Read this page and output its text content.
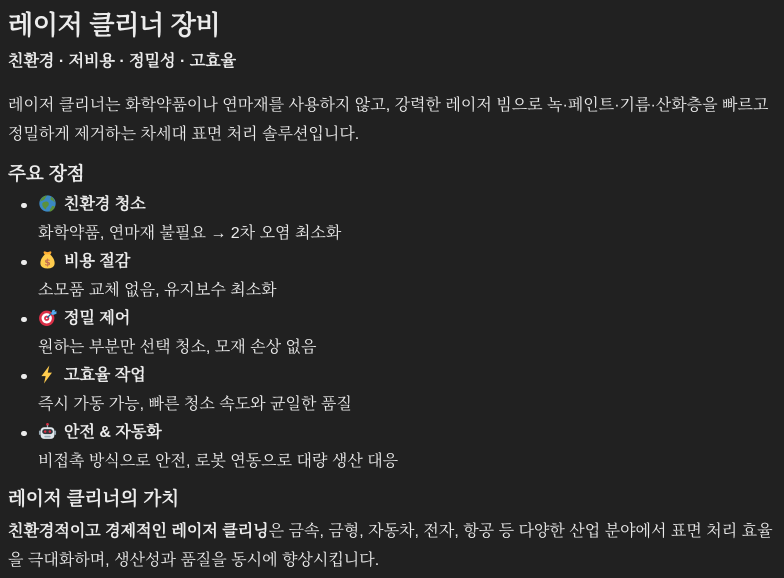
레이저 클리너 장비

친환경 · 저비용 · 정밀성 · 고효율

레이저 클리너는 화학약품이나 연마재를 사용하지 않고, 강력한 레이저 빔으로 녹·페인트·기름·산화층을 빠르고 정밀하게 제거하는 차세대 표면 처리 솔루션입니다.

주요 장점
친환경 청소
화학약품, 연마재 불필요 → 2차 오염 최소화
$ 비용 절감
소모품 교체 없음, 유지보수 최소화
정밀 제어
원하는 부분만 선택 청소, 모재 손상 없음
고효율 작업
즉시 가동 가능, 빠른 청소 속도와 균일한 품질
안전 & 자동화
비접촉 방식으로 안전, 로봇 연동으로 대량 생산 대응
레이저 클리너의 가치

친환경적이고 경제적인 레이저 클리닝은 금속, 금형, 자동차, 전자, 항공 등 다양한 산업 분야에서 표면 처리 효율을 극대화하며, 생산성과 품질을 동시에 향상시킵니다.
